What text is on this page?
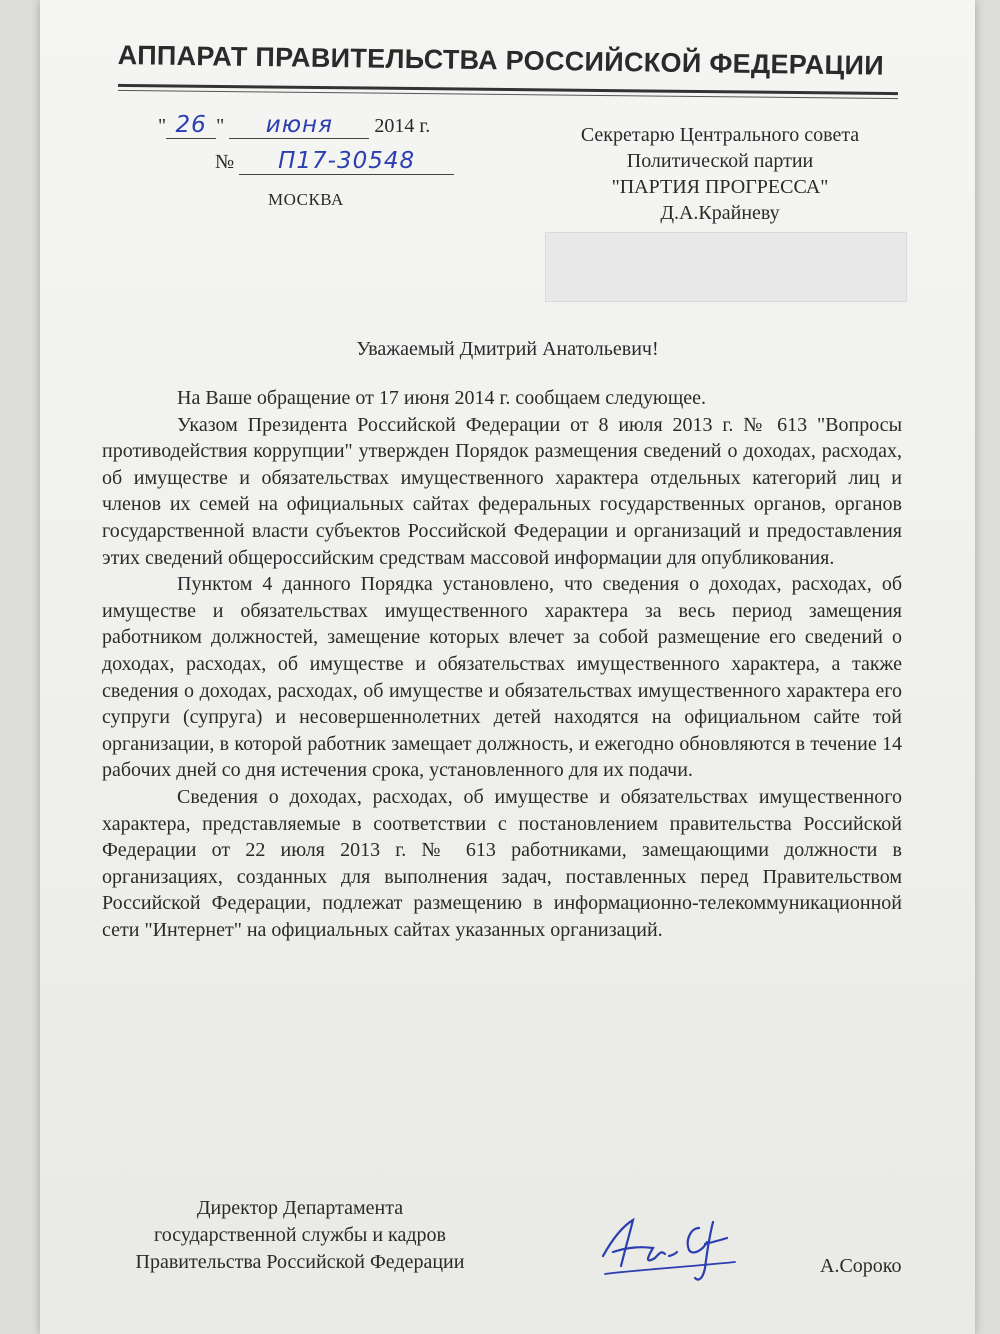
АППАРАТ ПРАВИТЕЛЬСТВА РОССИЙСКОЙ ФЕДЕРАЦИИ
" 26 " июня 2014 г.
№ П17-30548
МОСКВА
Секретарю Центрального совета
Политической партии
"ПАРТИЯ ПРОГРЕССА"
Д.А.Крайневу
Уважаемый Дмитрий Анатольевич!

На Ваше обращение от 17 июня 2014 г. сообщаем следующее.

Указом Президента Российской Федерации от 8 июля 2013 г. № 613 "Вопросы противодействия коррупции" утвержден Порядок размещения сведений о доходах, расходах, об имуществе и обязательствах имущественного характера отдельных категорий лиц и членов их семей на официальных сайтах федеральных государственных органов, органов государственной власти субъектов Российской Федерации и организаций и предоставления этих сведений общероссийским средствам массовой информации для опубликования.

Пунктом 4 данного Порядка установлено, что сведения о доходах, расходах, об имуществе и обязательствах имущественного характера за весь период замещения работником должностей, замещение которых влечет за собой размещение его сведений о доходах, расходах, об имуществе и обязательствах имущественного характера, а также сведения о доходах, расходах, об имуществе и обязательствах имущественного характера его супруги (супруга) и несовершеннолетних детей находятся на официальном сайте той организации, в которой работник замещает должность, и ежегодно обновляются в течение 14 рабочих дней со дня истечения срока, установленного для их подачи.

Сведения о доходах, расходах, об имуществе и обязательствах имущественного характера, представляемые в соответствии с постановлением правительства Российской Федерации от 22 июля 2013 г. № 613 работниками, замещающими должности в организациях, созданных для выполнения задач, поставленных перед Правительством Российской Федерации, подлежат размещению в информационно-телекоммуникационной сети "Интернет" на официальных сайтах указанных организаций.

Директор Департамента
государственной службы и кадров
Правительства Российской Федерации	А.Сороко
